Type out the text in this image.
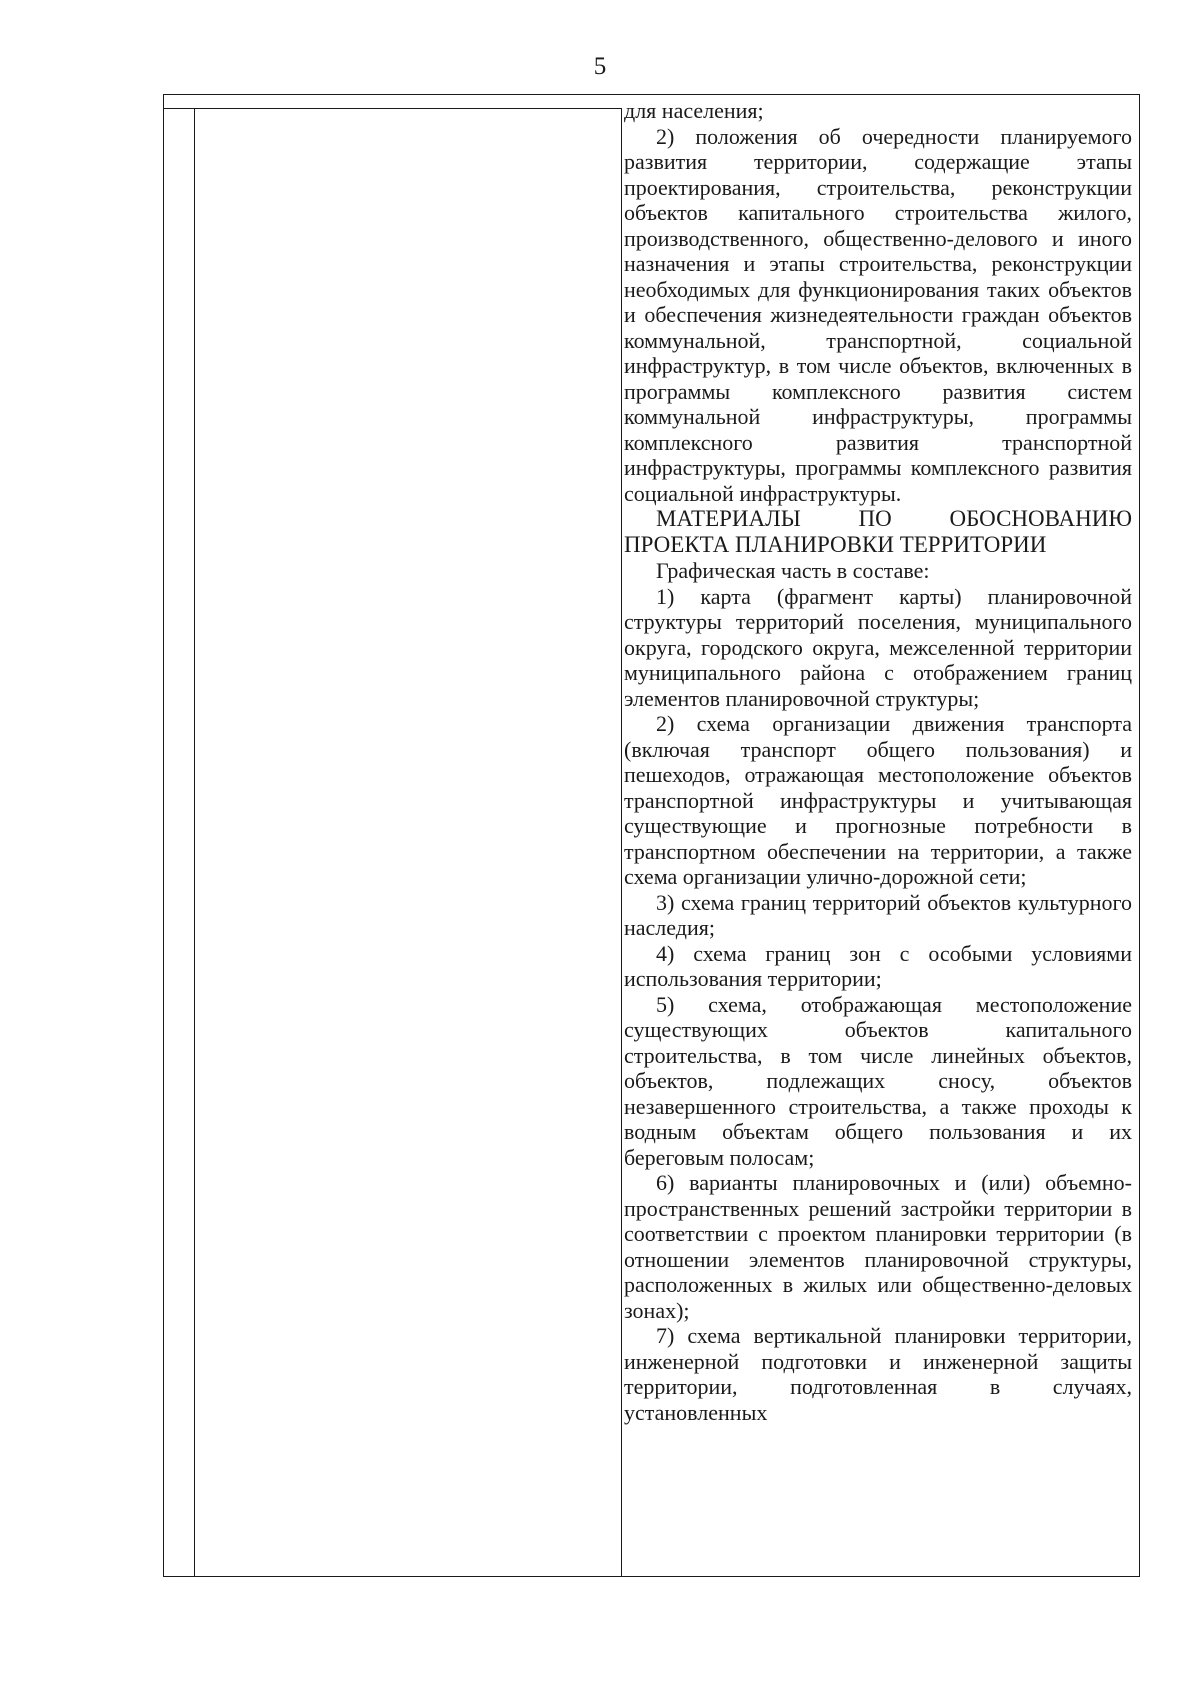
5

для населения;

2) положения об очередности планируемого развития территории, содержащие этапы проектирования, строительства, реконструкции объектов капитального строительства жилого, производственного, общественно-делового и иного назначения и этапы строительства, реконструкции необходимых для функционирования таких объектов и обеспечения жизнедеятельности граждан объектов коммунальной, транспортной, социальной инфраструктур, в том числе объектов, включенных в программы комплексного развития систем коммунальной инфраструктуры, программы комплексного развития транспортной инфраструктуры, программы комплексного развития социальной инфраструктуры.

МАТЕРИАЛЫ ПО ОБОСНОВАНИЮ ПРОЕКТА ПЛАНИРОВКИ ТЕРРИТОРИИ

Графическая часть в составе:

1) карта (фрагмент карты) планировочной структуры территорий поселения, муниципального округа, городского округа, межселенной территории муниципального района с отображением границ элементов планировочной структуры;

2) схема организации движения транспорта (включая транспорт общего пользования) и пешеходов, отражающая местоположение объектов транспортной инфраструктуры и учитывающая существующие и прогнозные потребности в транспортном обеспечении на территории, а также схема организации улично-дорожной сети;

3) схема границ территорий объектов культурного наследия;

4) схема границ зон с особыми условиями использования территории;

5) схема, отображающая местоположение существующих объектов капитального строительства, в том числе линейных объектов, объектов, подлежащих сносу, объектов незавершенного строительства, а также проходы к водным объектам общего пользования и их береговым полосам;

6) варианты планировочных и (или) объемно-пространственных решений застройки территории в соответствии с проектом планировки территории (в отношении элементов планировочной структуры, расположенных в жилых или общественно-деловых зонах);

7) схема вертикальной планировки территории, инженерной подготовки и инженерной защиты территории, подготовленная в случаях, установленных
